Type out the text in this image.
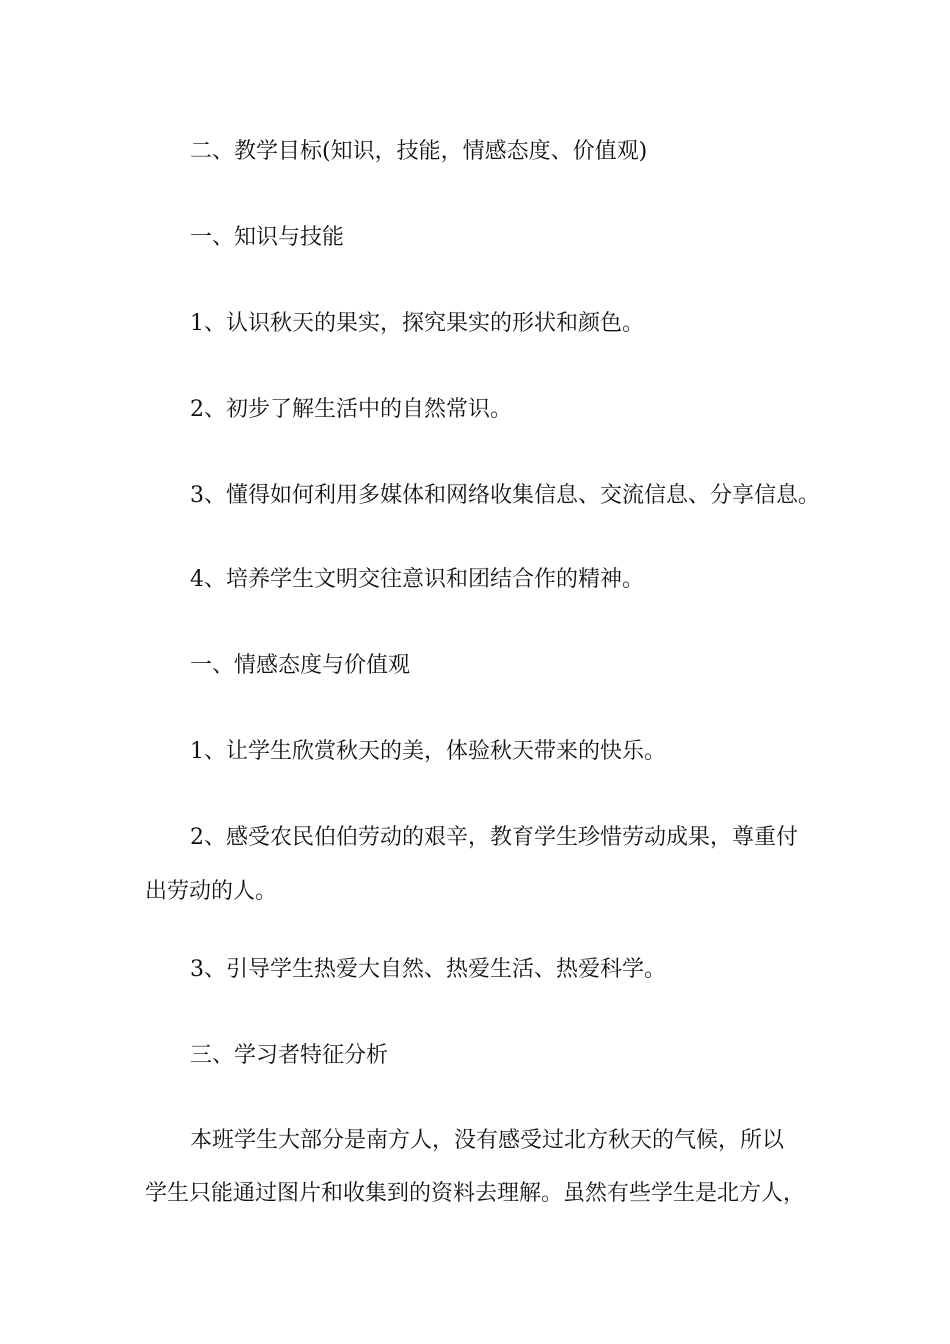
二、教学目标(知识，技能，情感态度、价值观)
一、知识与技能
1、认识秋天的果实，探究果实的形状和颜色。
2、初步了解生活中的自然常识。
3、懂得如何利用多媒体和网络收集信息、交流信息、分享信息。
4、培养学生文明交往意识和团结合作的精神。
一、情感态度与价值观
1、让学生欣赏秋天的美，体验秋天带来的快乐。
2、感受农民伯伯劳动的艰辛，教育学生珍惜劳动成果，尊重付
出劳动的人。
3、引导学生热爱大自然、热爱生活、热爱科学。
三、学习者特征分析
本班学生大部分是南方人，没有感受过北方秋天的气候，所以
学生只能通过图片和收集到的资料去理解。虽然有些学生是北方人，
